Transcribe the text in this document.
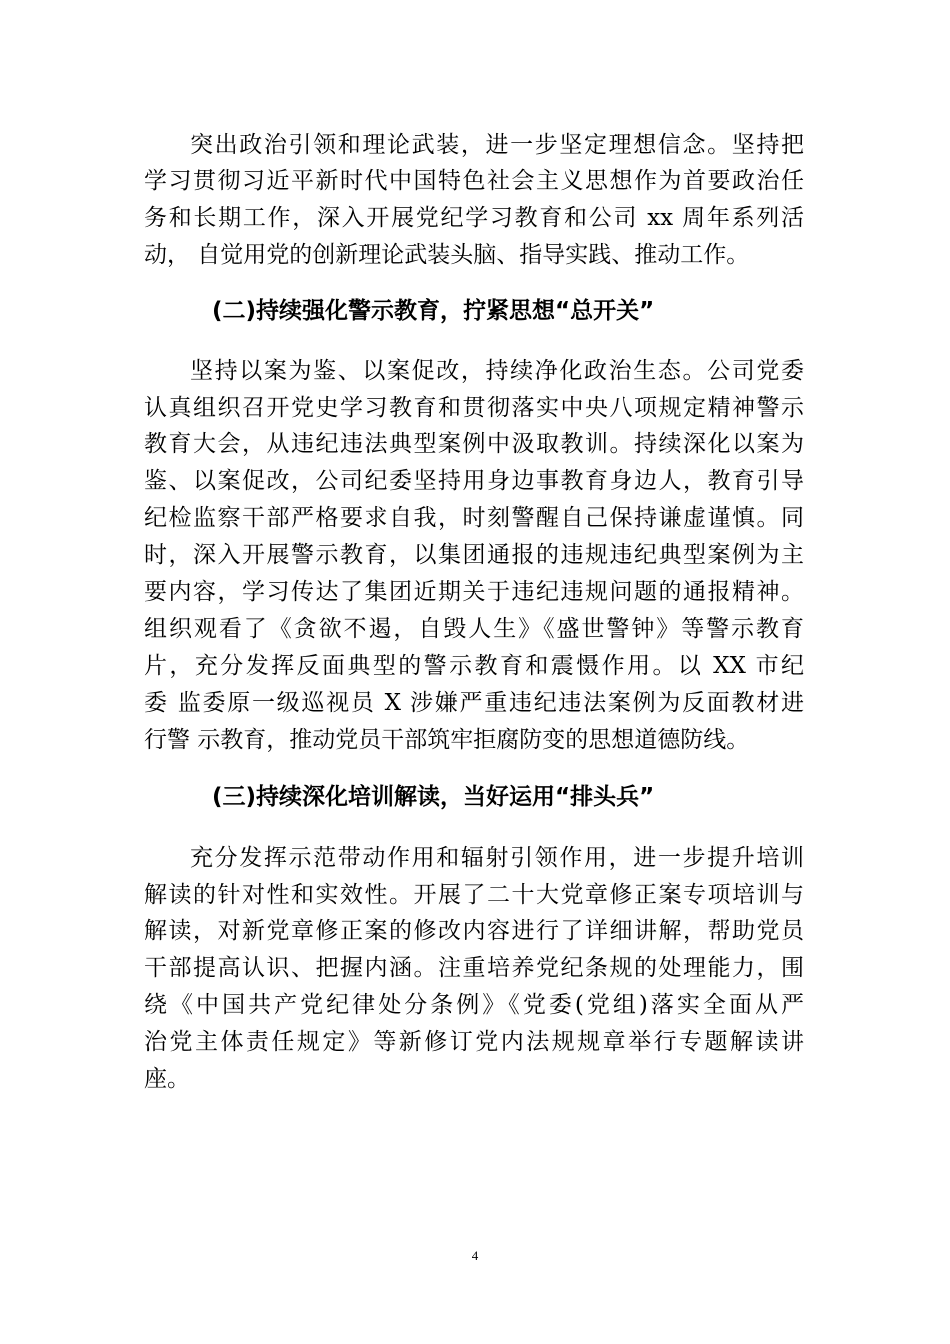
突出政治引领和理论武装，进一步坚定理想信念。坚持把
学习贯彻习近平新时代中国特色社会主义思想作为首要政治任
务和长期工作，深入开展党纪学习教育和公司 xx 周年系列活
动， 自觉用党的创新理论武装头脑、指导实践、推动工作。
(二)持续强化警示教育，拧紧思想“总开关”
坚持以案为鉴、以案促改，持续净化政治生态。公司党委
认真组织召开党史学习教育和贯彻落实中央八项规定精神警示
教育大会，从违纪违法典型案例中汲取教训。持续深化以案为
鉴、以案促改，公司纪委坚持用身边事教育身边人，教育引导
纪检监察干部严格要求自我，时刻警醒自己保持谦虚谨慎。同
时，深入开展警示教育，以集团通报的违规违纪典型案例为主
要内容，学习传达了集团近期关于违纪违规问题的通报精神。
组织观看了《贪欲不遏，自毁人生》《盛世警钟》等警示教育
片，充分发挥反面典型的警示教育和震慑作用。以 XX 市纪
委 监委原一级巡视员 X 涉嫌严重违纪违法案例为反面教材进
行警 示教育，推动党员干部筑牢拒腐防变的思想道德防线。
(三)持续深化培训解读，当好运用“排头兵”
充分发挥示范带动作用和辐射引领作用，进一步提升培训
解读的针对性和实效性。开展了二十大党章修正案专项培训与
解读，对新党章修正案的修改内容进行了详细讲解，帮助党员
干部提高认识、把握内涵。注重培养党纪条规的处理能力，围
绕《中国共产党纪律处分条例》《党委(党组)落实全面从严
治党主体责任规定》等新修订党内法规规章举行专题解读讲
座。
4
